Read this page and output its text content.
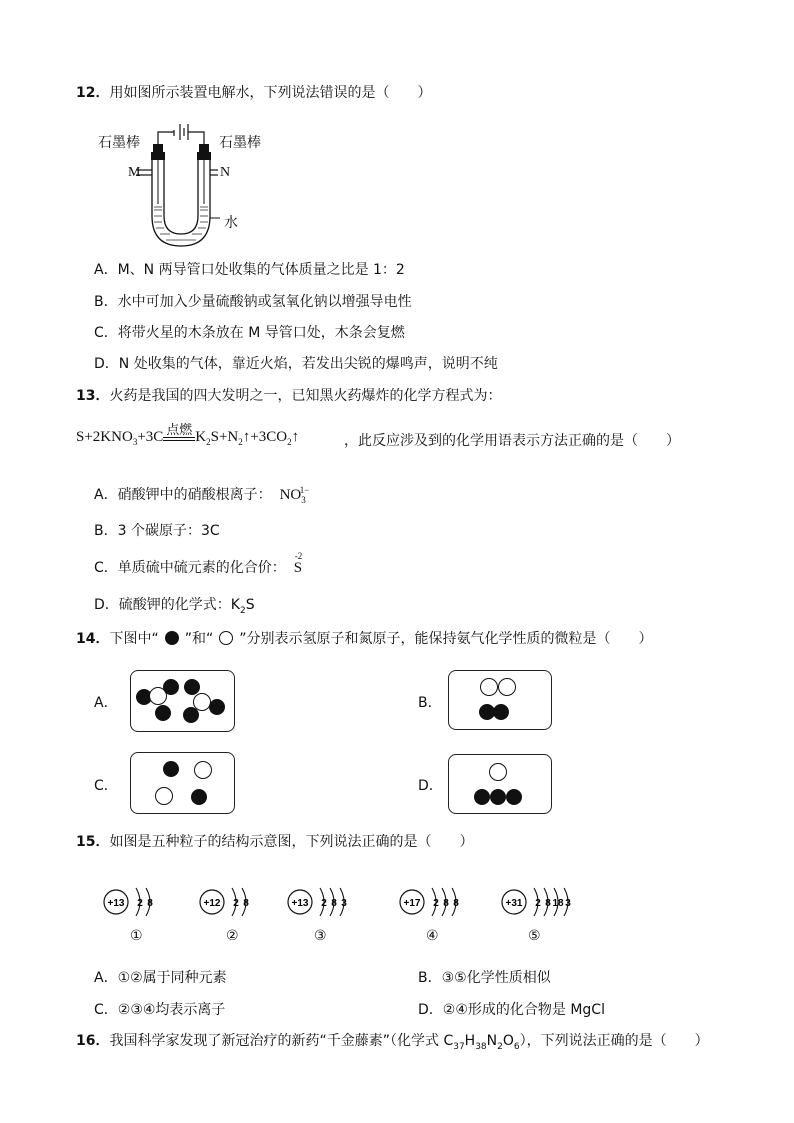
12．用如图所示装置电解水，下列说法错误的是（　　）
石墨棒	石墨棒
M	N
水
A．M、N 两导管口处收集的气体质量之比是 1：2
B．水中可加入少量硫酸钠或氢氧化钠以增强导电性
C．将带火星的木条放在 M 导管口处，木条会复燃
D．N 处收集的气体，靠近火焰，若发出尖锐的爆鸣声，说明不纯
13．火药是我国的四大发明之一，已知黑火药爆炸的化学方程式为：
$S+2KNO_3+3C$ 点燃 $K_2S+N_2↑+3CO_2↑$	，此反应涉及到的化学用语表示方法正确的是（　　）
A．硝酸钾中的硝酸根离子： $NO_3^{1-}$
B．3 个碳原子：3C
C．单质硫中硫元素的化合价：
-2
S
D．硫酸钾的化学式：$K_2S$
14．下图中“ ”和“ ”分别表示氢原子和氮原子，能保持氨气化学性质的微粒是（　　）
A．	B．
C．	D．
15．如图是五种粒子的结构示意图，下列说法正确的是（　　）
+13 2 8
①
+12 2 8
②
+13 2 8 3
③
+17 2 8 8
④
+31 2 8 18 3
⑤
A．①②属于同种元素	B．③⑤化学性质相似
C．②③④均表示离子	D．②④形成的化合物是 MgCl
16．我国科学家发现了新冠治疗的新药“千金藤素”（化学式 $C_{37}H_{38}N_2O_6$），下列说法正确的是（　　）
